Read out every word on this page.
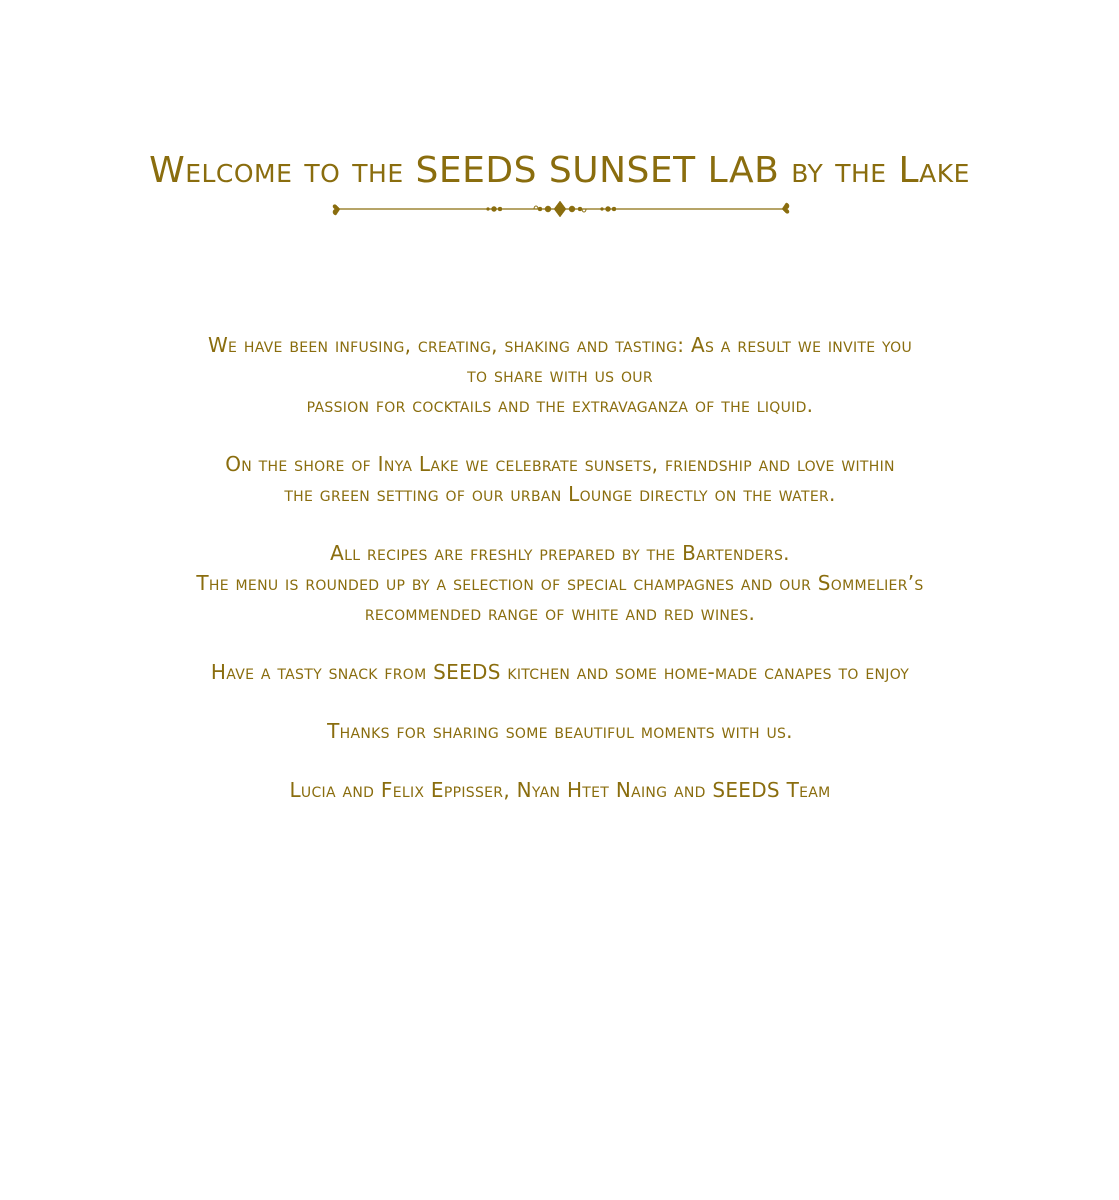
Welcome to the SEEDS SUNSET LAB by the Lake

We have been infusing, creating, shaking and tasting: As a result we invite you
to share with us our
passion for cocktails and the extravaganza of the liquid.

On the shore of Inya Lake we celebrate sunsets, friendship and love within
the green setting of our urban Lounge directly on the water.

All recipes are freshly prepared by the Bartenders.
The menu is rounded up by a selection of special champagnes and our Sommelier’s
recommended range of white and red wines.

Have a tasty snack from SEEDS kitchen and some home-made canapes to enjoy

Thanks for sharing some beautiful moments with us.

Lucia and Felix Eppisser, Nyan Htet Naing and SEEDS Team
